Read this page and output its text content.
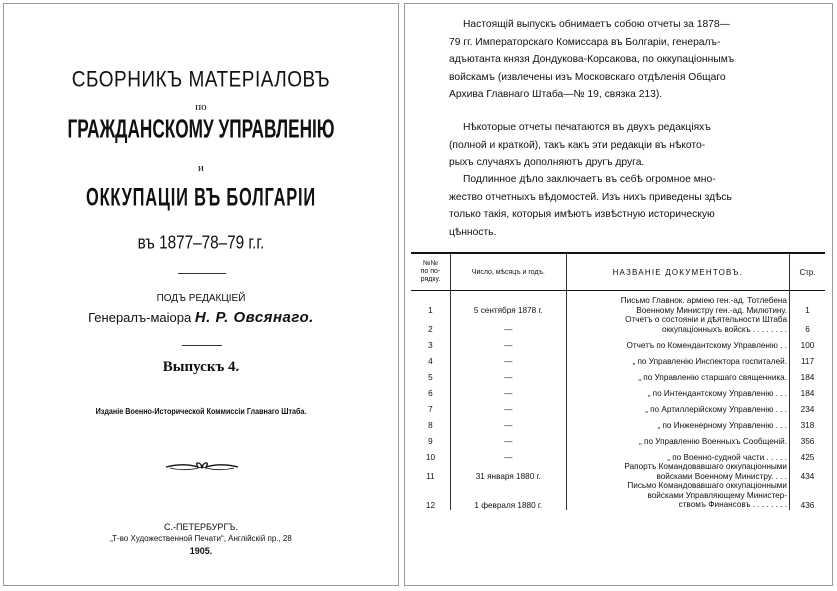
СБОРНИКЪ МАТЕРІАЛОВЪ
по
ГРАЖДАНСКОМУ УПРАВЛЕНІЮ
и
ОККУПАЦІИ ВЪ БОЛГАРІИ
въ 1877–78–79 г.г.
ПОДЪ РЕДАКЦІЕЙ
Генералъ-маіора Н. Р. Овсянаго.
Выпускъ 4.
Изданіе Военно-Исторической Коммиссіи Главнаго Штаба.
С.-ПЕТЕРБУРГЪ.
„Т-во Художественной Печати“, Англійскій пр., 28
1905.
Настоящій выпускъ обнимаетъ собою отчеты за 1878—
79 гг. Императорскаго Комиссара въ Болгаріи, генералъ-
адъютанта князя Дондукова-Корсакова, по оккупаціоннымъ
войскамъ (извлечены изъ Московскаго отдѣленія Общаго
Архива Главнаго Штаба—№ 19, связка 213).
Нѣкоторые отчеты печатаются въ двухъ редакціяхъ
(полной и краткой), такъ какъ эти редакціи въ нѣкото-
рыхъ случаяхъ дополняютъ другъ друга.
Подлинное дѣло заключаетъ въ себѣ огромное мно-
жество отчетныхъ вѣдомостей. Изъ нихъ приведены здѣсь
только такія, которыя имѣютъ извѣстную историческую
цѣнность.
№№
по по-
рядку.	Число, мѣсяцъ и годъ.	НАЗВАНІЕ ДОКУМЕНТОВЪ.	Стр.
1	5 сентября 1878 г.	Письмо Главнок. арміею ген.-ад. Тотлебена
Военному Министру ген.-ад. Милютину.	1
2	—	Отчетъ о состояніи и дѣятельности Штаба
оккупаціонныхъ войскъ . . . . . . . .	6
3	—	Отчетъ по Комендантскому Управленію . .	100
4	—	„ по Управленію Инспектора госпиталей.	117
5	—	„ по Управленію старшаго священника.	184
6	—	„ по Интендантскому Управленію . . .	184
7	—	„ по Артиллерійскому Управленію . . .	234
8	—	„ по Инженерному Управленію . . .	318
9	—	„ по Управленію Военныхъ Сообщеній.	356
10	—	„ по Военно-судной части . . . . .	425
11	31 января 1880 г.	Рапортъ Командовавшаго оккупаціонными
войсками Военному Министру. . . .	434
12	1 февраля 1880 г.	Письмо Командовавшаго оккупаціонными
войсками Управляющему Министер-
ствомъ Финансовъ . . . . . . . .	436
